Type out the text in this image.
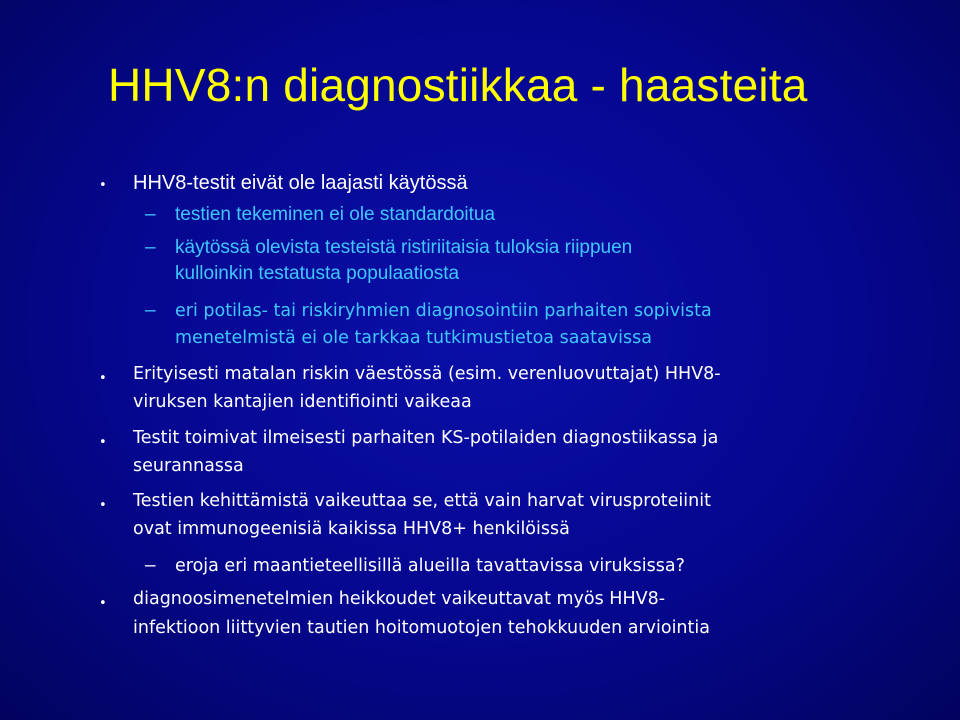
HHV8:n diagnostiikkaa - haasteita
• HHV8-testit eivät ole laajasti käytössä
– testien tekeminen ei ole standardoitua
– käytössä olevista testeistä ristiriitaisia tuloksia riippuen
kulloinkin testatusta populaatiosta
– eri potilas- tai riskiryhmien diagnosointiin parhaiten sopivista
menetelmistä ei ole tarkkaa tutkimustietoa saatavissa
• Erityisesti matalan riskin väestössä (esim. verenluovuttajat) HHV8-
viruksen kantajien identifiointi vaikeaa
• Testit toimivat ilmeisesti parhaiten KS-potilaiden diagnostiikassa ja
seurannassa
• Testien kehittämistä vaikeuttaa se, että vain harvat virusproteiinit
ovat immunogeenisiä kaikissa HHV8+ henkilöissä
– eroja eri maantieteellisillä alueilla tavattavissa viruksissa?
• diagnoosimenetelmien heikkoudet vaikeuttavat myös HHV8-
infektioon liittyvien tautien hoitomuotojen tehokkuuden arviointia
